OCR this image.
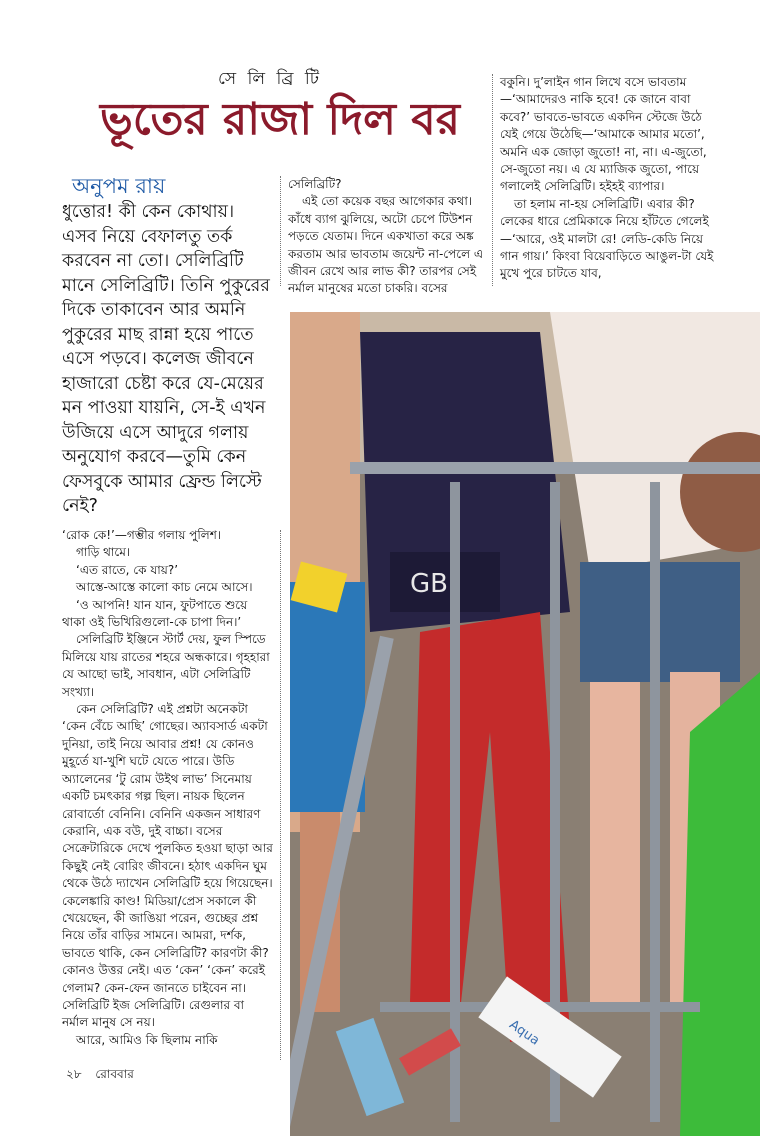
সে লি ব্রি টি
ভূতের রাজা দিল বর
অনুপম রায়

ধুত্তোর! কী কেন কোথায়। এসব নিয়ে বেফালতু তর্ক করবেন না তো। সেলিব্রিটি মানে সেলিব্রিটি। তিনি পুকুরের দিকে তাকাবেন আর অমনি পুকুরের মাছ রান্না হয়ে পাতে এসে পড়বে। কলেজ জীবনে হাজারো চেষ্টা করে যে-মেয়ের মন পাওয়া যায়নি, সে-ই এখন উজিয়ে এসে আদুরে গলায় অনুযোগ করবে—তুমি কেন ফেসবুকে আমার ফ্রেন্ড লিস্টে নেই?

‘রোক কে!’—গম্ভীর গলায় পুলিশ।

গাড়ি থামে।

‘এত রাতে, কে যায়?’

আস্তে-আস্তে কালো কাচ নেমে আসে।

‘ও আপনি! যান যান, ফুটপাতে শুয়ে থাকা ওই ভিখিরিগুলো-কে চাপা দিন।’

সেলিব্রিটি ইঞ্জিনে স্টার্ট দেয়, ফুল স্পিডে মিলিয়ে যায় রাতের শহরে অন্ধকারে। গৃহহারা যে আছো ভাই, সাবধান, এটা সেলিব্রিটি সংখ্যা।

কেন সেলিব্রিটি? এই প্রশ্নটা অনেকটা ‘কেন বেঁচে আছি’ গোছের। অ্যাবসার্ড একটা দুনিয়া, তাই নিয়ে আবার প্রশ্ন! যে কোনও মুহূর্তে যা-খুশি ঘটে যেতে পারে। উডি অ্যালেনের ‘টু রোম উইথ লাভ’ সিনেমায় একটি চমৎকার গল্প ছিল। নায়ক ছিলেন রোবার্তো বেনিনি। বেনিনি একজন সাধারণ কেরানি, এক বউ, দুই বাচ্চা। বসের সেক্রেটারিকে দেখে পুলকিত হওয়া ছাড়া আর কিছুই নেই বোরিং জীবনে। হঠাৎ একদিন ঘুম থেকে উঠে দ্যাখেন সেলিব্রিটি হয়ে গিয়েছেন। কেলেঙ্কারি কাণ্ড! মিডিয়া/প্রেস সকালে কী খেয়েছেন, কী জাঙিয়া পরেন, গুচ্ছের প্রশ্ন নিয়ে তাঁর বাড়ির সামনে। আমরা, দর্শক, ভাবতে থাকি, কেন সেলিব্রিটি? কারণটা কী? কোনও উত্তর নেই। এত ‘কেন’ ‘কেন’ করেই গেলাম? কেন-ফেন জানতে চাইবেন না। সেলিব্রিটি ইজ সেলিব্রিটি। রেগুলার বা নর্মাল মানুষ সে নয়।

আরে, আমিও কি ছিলাম নাকি

সেলিব্রিটি?

এই তো কয়েক বছর আগেকার কথা। কাঁধে ব্যাগ ঝুলিয়ে, অটো চেপে টিউশন পড়তে যেতাম। দিনে একখাতা করে অঙ্ক করতাম আর ভাবতাম জয়েন্ট না-পেলে এ জীবন রেখে আর লাভ কী? তারপর সেই নর্মাল মানুষের মতো চাকরি। বসের

বকুনি। দু’লাইন গান লিখে বসে ভাবতাম—‘আমাদেরও নাকি হবে! কে জানে বাবা কবে?’ ভাবতে-ভাবতে একদিন স্টেজে উঠে যেই গেয়ে উঠেছি—‘আমাকে আমার মতো’, অমনি এক জোড়া জুতো! না, না। এ-জুতো, সে-জুতো নয়। এ যে ম্যাজিক জুতো, পায়ে গলালেই সেলিব্রিটি। হইহই ব্যাপার।

তা হলাম না-হয় সেলিব্রিটি। এবার কী? লেকের ধারে প্রেমিকাকে নিয়ে হাঁটতে গেলেই—‘আরে, ওই মালটা রে! লেডি-কেডি নিয়ে গান গায়।’ কিংবা বিয়েবাড়িতে আঙুল-টা যেই মুখে পুরে চাটতে যাব,

GB
Aqua
২৮ রোববার
